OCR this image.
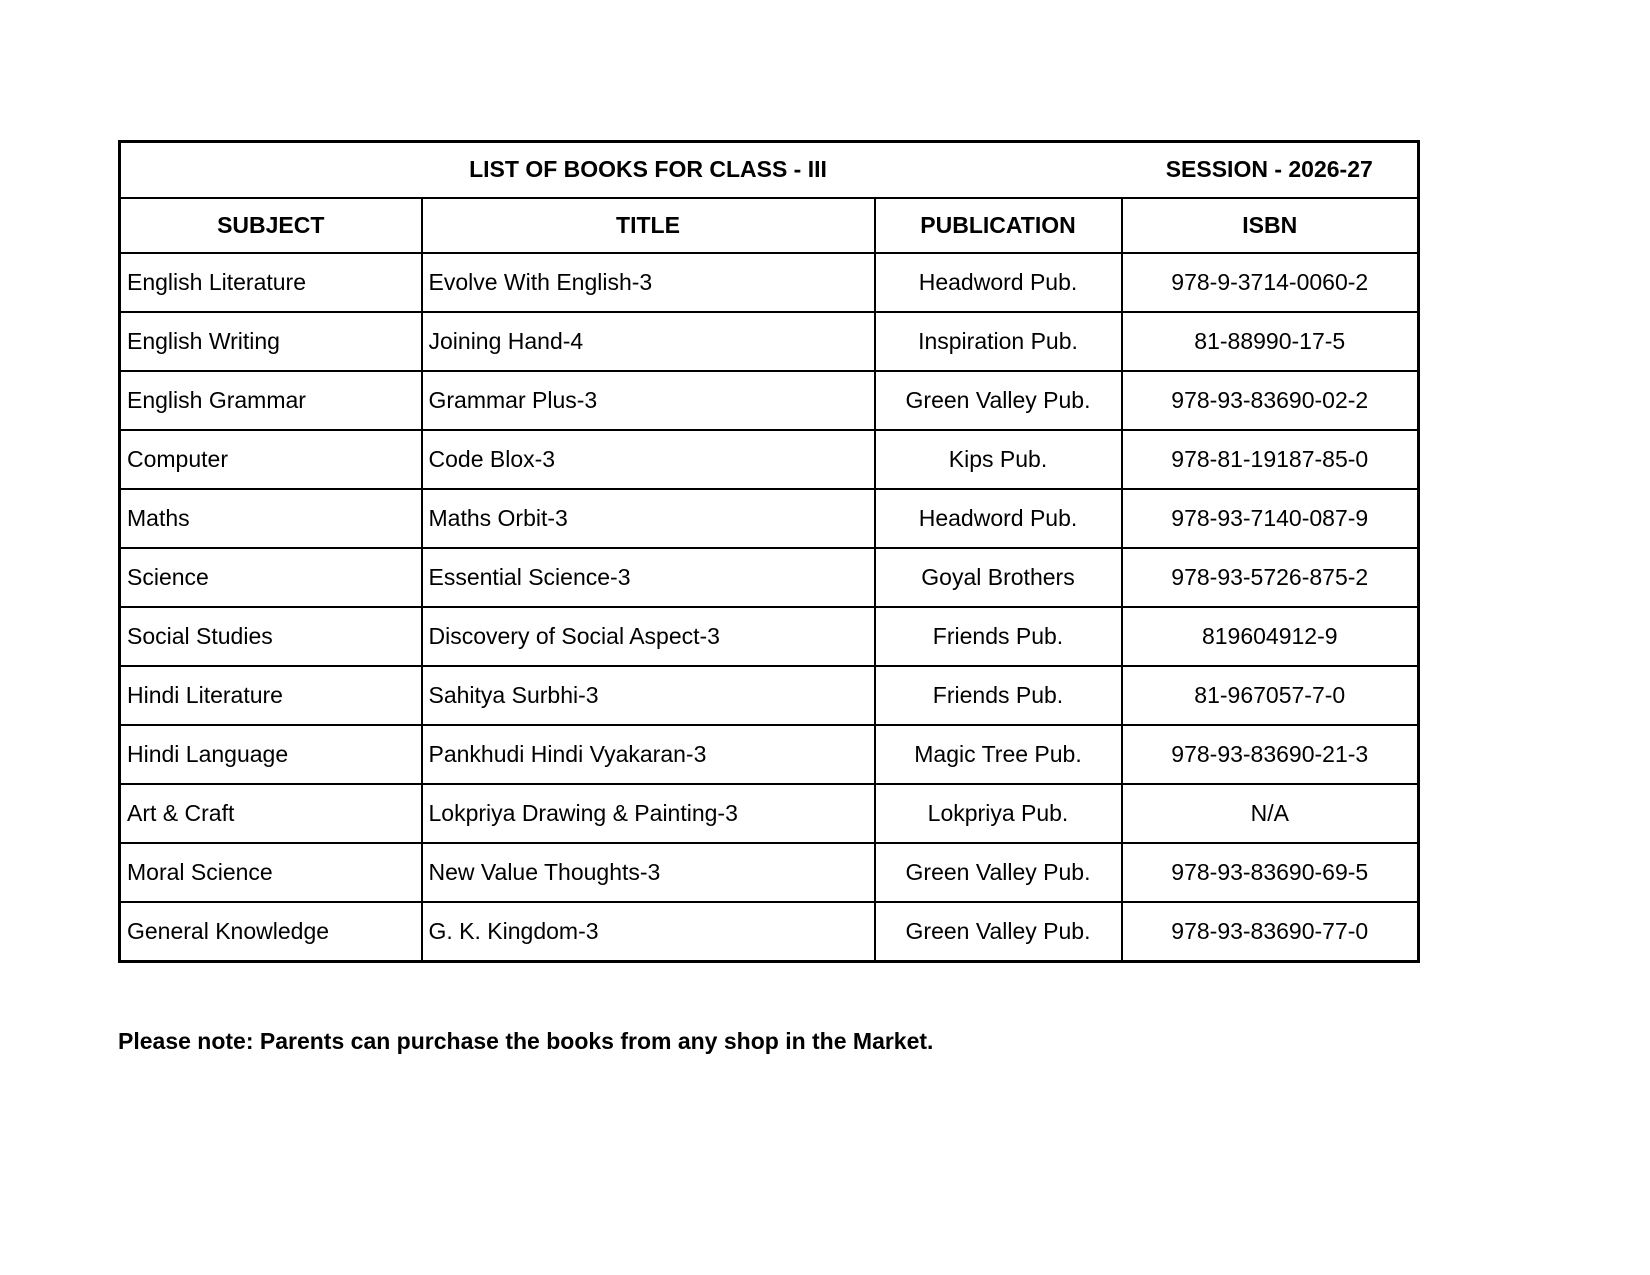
	LIST OF BOOKS FOR CLASS - III		SESSION - 2026-27
SUBJECT	TITLE	PUBLICATION	ISBN
English Literature	Evolve With English-3	Headword Pub.	978-9-3714-0060-2
English Writing	Joining Hand-4	Inspiration Pub.	81-88990-17-5
English Grammar	Grammar Plus-3	Green Valley Pub.	978-93-83690-02-2
Computer	Code Blox-3	Kips Pub.	978-81-19187-85-0
Maths	Maths Orbit-3	Headword Pub.	978-93-7140-087-9
Science	Essential Science-3	Goyal Brothers	978-93-5726-875-2
Social Studies	Discovery of Social Aspect-3	Friends Pub.	819604912-9
Hindi Literature	Sahitya Surbhi-3	Friends Pub.	81-967057-7-0
Hindi Language	Pankhudi Hindi Vyakaran-3	Magic Tree Pub.	978-93-83690-21-3
Art & Craft	Lokpriya Drawing & Painting-3	Lokpriya Pub.	N/A
Moral Science	New Value Thoughts-3	Green Valley Pub.	978-93-83690-69-5
General Knowledge	G. K. Kingdom-3	Green Valley Pub.	978-93-83690-77-0
Please note: Parents can purchase the books from any shop in the Market.
